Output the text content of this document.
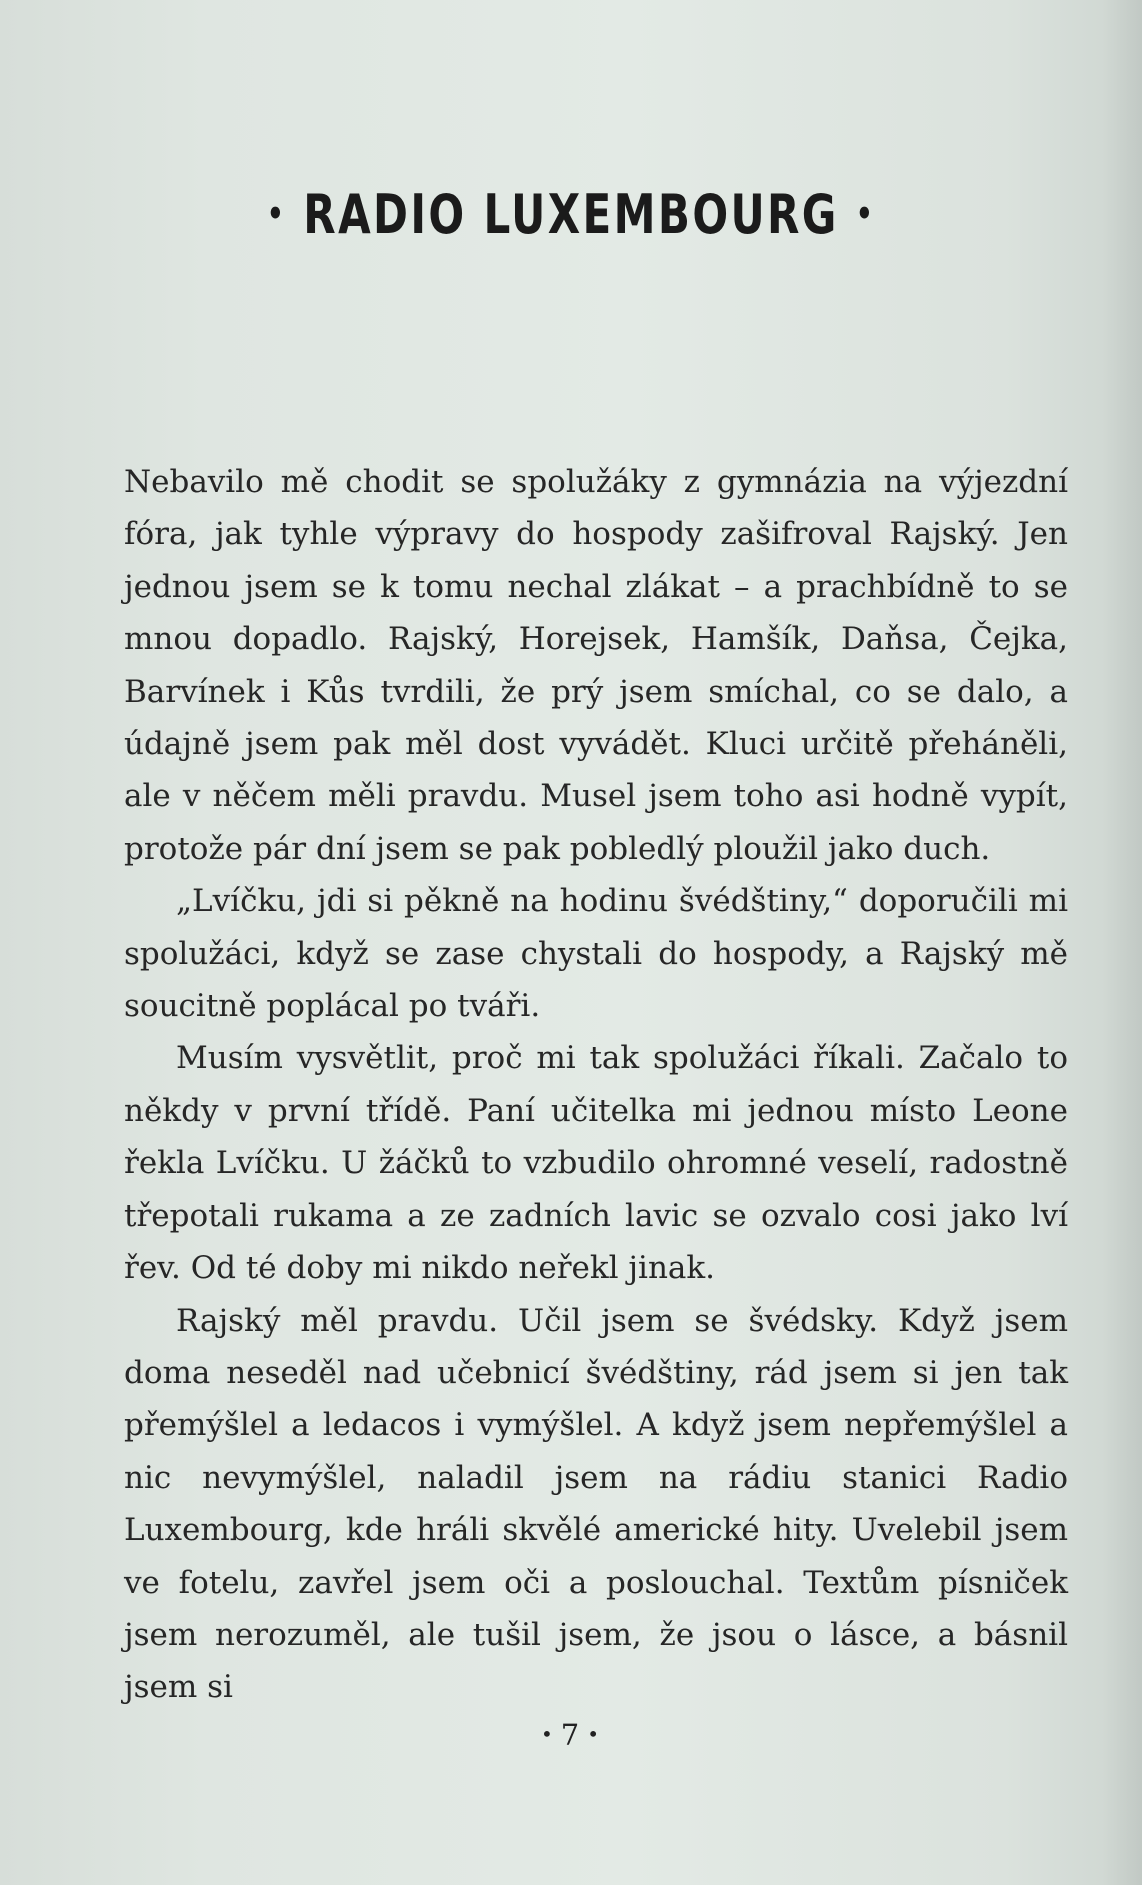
• RADIO LUXEMBOURG •

Nebavilo mě chodit se spolužáky z gymnázia na výjezdní fóra, jak tyhle výpravy do hospody zašifroval Rajský. Jen jednou jsem se k tomu nechal zlákat – a prachbídně to se mnou dopadlo. Rajský, Horejsek, Hamšík, Daňsa, Čejka, Barvínek i Kůs tvrdili, že prý jsem smíchal, co se dalo, a údajně jsem pak měl dost vyvádět. Kluci určitě přeháněli, ale v něčem měli pravdu. Musel jsem toho asi hodně vypít, protože pár dní jsem se pak pobledlý ploužil jako duch.

„Lvíčku, jdi si pěkně na hodinu švédštiny,“ doporučili mi spolužáci, když se zase chystali do hospody, a Rajský mě soucitně poplácal po tváři.

Musím vysvětlit, proč mi tak spolužáci říkali. Začalo to někdy v první třídě. Paní učitelka mi jednou místo Leone řekla Lvíčku. U žáčků to vzbudilo ohromné veselí, radostně třepotali rukama a ze zadních lavic se ozvalo cosi jako lví řev. Od té doby mi nikdo neřekl jinak.

Rajský měl pravdu. Učil jsem se švédsky. Když jsem doma neseděl nad učebnicí švédštiny, rád jsem si jen tak přemýšlel a ledacos i vymýšlel. A když jsem nepřemýšlel a nic nevymýšlel, naladil jsem na rádiu stanici Radio Luxembourg, kde hráli skvělé americké hity. Uvelebil jsem ve fotelu, zavřel jsem oči a poslouchal. Textům písniček jsem nerozuměl, ale tušil jsem, že jsou o lásce, a básnil jsem si

• 7 •
